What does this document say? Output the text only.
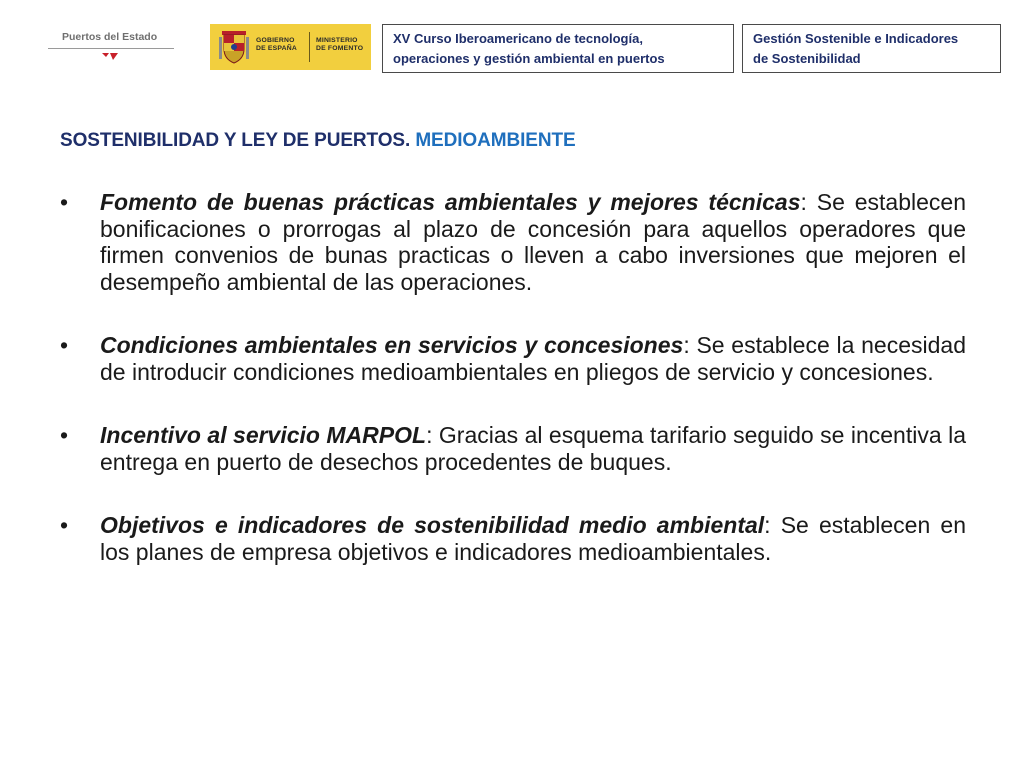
Puertos del Estado	GOBIERNO
DE ESPAÑA
MINISTERIO
DE FOMENTO
XV Curso Iberoamericano de tecnología,
operaciones y gestión ambiental en puertos
Gestión Sostenible e Indicadores
de Sostenibilidad
SOSTENIBILIDAD Y LEY DE PUERTOS. MEDIOAMBIENTE
• Fomento de buenas prácticas ambientales y mejores técnicas: Se establecen bonificaciones o prorrogas al plazo de concesión para aquellos operadores que firmen convenios de bunas practicas o lleven a cabo inversiones que mejoren el desempeño ambiental de las operaciones.
• Condiciones ambientales en servicios y concesiones: Se establece la necesidad de introducir condiciones medioambientales en pliegos de servicio y concesiones.
• Incentivo al servicio MARPOL: Gracias al esquema tarifario seguido se incentiva la entrega en puerto de desechos procedentes de buques.
• Objetivos e indicadores de sostenibilidad medio ambiental: Se establecen en los planes de empresa objetivos e indicadores medioambientales.
